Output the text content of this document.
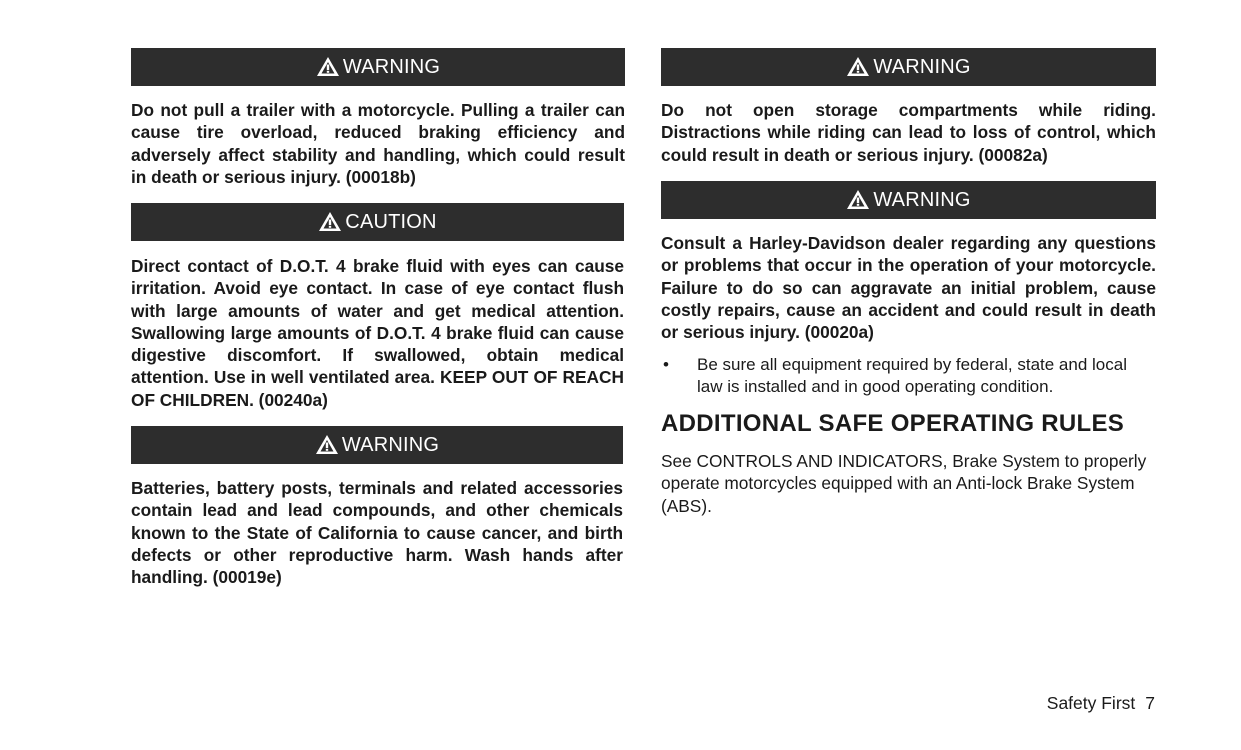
WARNING

Do not pull a trailer with a motorcycle. Pulling a trailer can cause tire overload, reduced braking efficiency and adversely affect stability and handling, which could result in death or serious injury. (00018b)

CAUTION

Direct contact of D.O.T. 4 brake fluid with eyes can cause irritation. Avoid eye contact. In case of eye contact flush with large amounts of water and get medical attention. Swallowing large amounts of D.O.T. 4 brake fluid can cause digestive discomfort. If swallowed, obtain medical attention. Use in well ventilated area. KEEP OUT OF REACH OF CHILDREN. (00240a)

WARNING

Batteries, battery posts, terminals and related accessories contain lead and lead compounds, and other chemicals known to the State of California to cause cancer, and birth defects or other reproductive harm. Wash hands after handling. (00019e)

WARNING

Do not open storage compartments while riding. Distractions while riding can lead to loss of control, which could result in death or serious injury. (00082a)

WARNING

Consult a Harley-Davidson dealer regarding any questions or problems that occur in the operation of your motorcycle. Failure to do so can aggravate an initial problem, cause costly repairs, cause an accident and could result in death or serious injury. (00020a)

•	Be sure all equipment required by federal, state and local law is installed and in good operating condition.

ADDITIONAL SAFE OPERATING RULES

See CONTROLS AND INDICATORS, Brake System to properly operate motorcycles equipped with an Anti-lock Brake System (ABS).

Safety First 7
